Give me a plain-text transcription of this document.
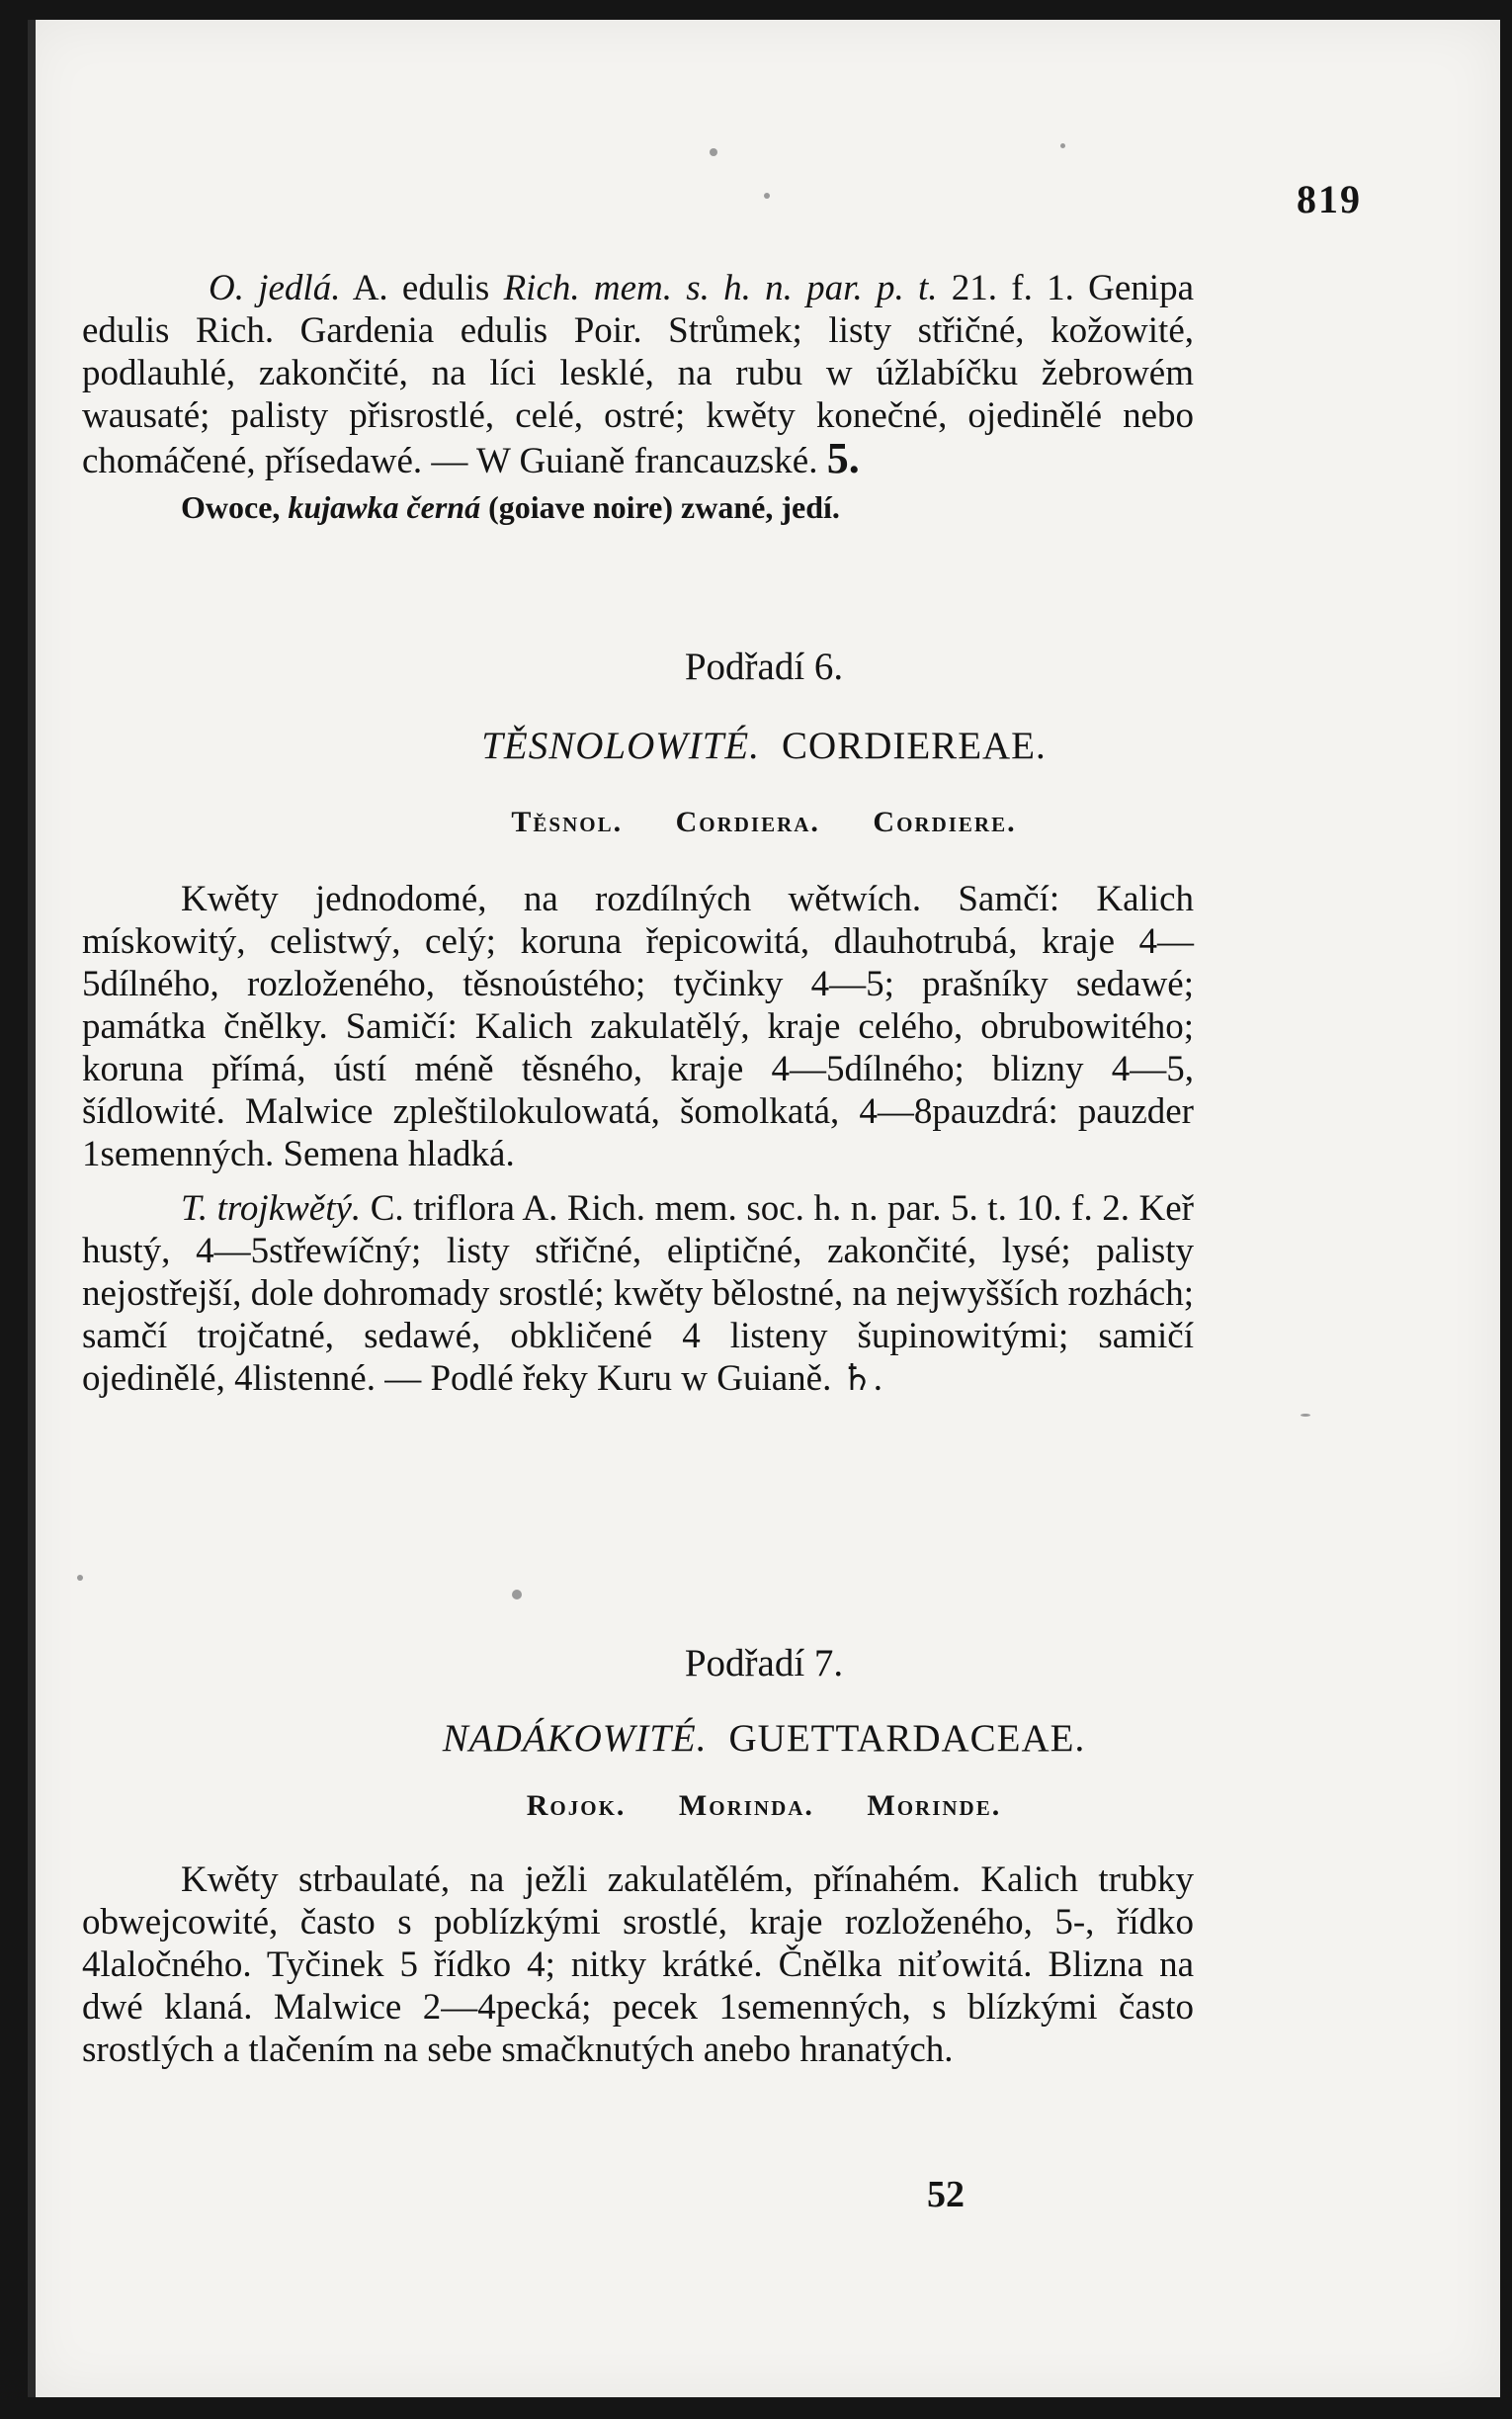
819

O. jedlá. A. edulis Rich. mem. s. h. n. par. p. t. 21. f. 1. Genipa edulis Rich. Gardenia edulis Poir. Strůmek; listy střičné, kožowité, podlauhlé, zakončité, na líci lesklé, na rubu w úžlabíčku žebrowém wausaté; palisty přisrostlé, celé, ostré; kwěty konečné, ojedinělé nebo chomáčené, přísedawé. — W Guianě francauzské. 5.

Owoce, kujawka černá (goiave noire) zwané, jedí.

Podřadí 6.
TĚSNOLOWITÉ. CORDIEREAE.
Těsnol. Cordiera. Cordiere.

Kwěty jednodomé, na rozdílných wětwích. Samčí: Kalich mískowitý, celistwý, celý; koruna řepicowitá, dlauhotrubá, kraje 4—5dílného, rozloženého, těsnoústého; tyčinky 4—5; prašníky sedawé; památka čnělky. Samičí: Kalich zakulatělý, kraje celého, obrubowitého; koruna přímá, ústí méně těsného, kraje 4—5dílného; blizny 4—5, šídlowité. Malwice zpleštilokulowatá, šomolkatá, 4—8pauzdrá: pauzder 1semenných. Semena hladká.

T. trojkwětý. C. triflora A. Rich. mem. soc. h. n. par. 5. t. 10. f. 2. Keř hustý, 4—5střewíčný; listy střičné, eliptičné, zakončité, lysé; palisty nejostřejší, dole dohromady srostlé; kwěty bělostné, na nejwyšších rozhách; samčí trojčatné, sedawé, obkličené 4 listeny šupinowitými; samičí ojedinělé, 4listenné. — Podlé řeky Kuru w Guianě. ♄.

Podřadí 7.
NADÁKOWITÉ. GUETTARDACEAE.
Rojok. Morinda. Morinde.

Kwěty strbaulaté, na ježli zakulatělém, přínahém. Kalich trubky obwejcowité, často s poblízkými srostlé, kraje rozloženého, 5-, řídko 4laločného. Tyčinek 5 řídko 4; nitky krátké. Čnělka niťowitá. Blizna na dwé klaná. Malwice 2—4pecká; pecek 1semenných, s blízkými často srostlých a tlačením na sebe smačknutých anebo hranatých.

52
